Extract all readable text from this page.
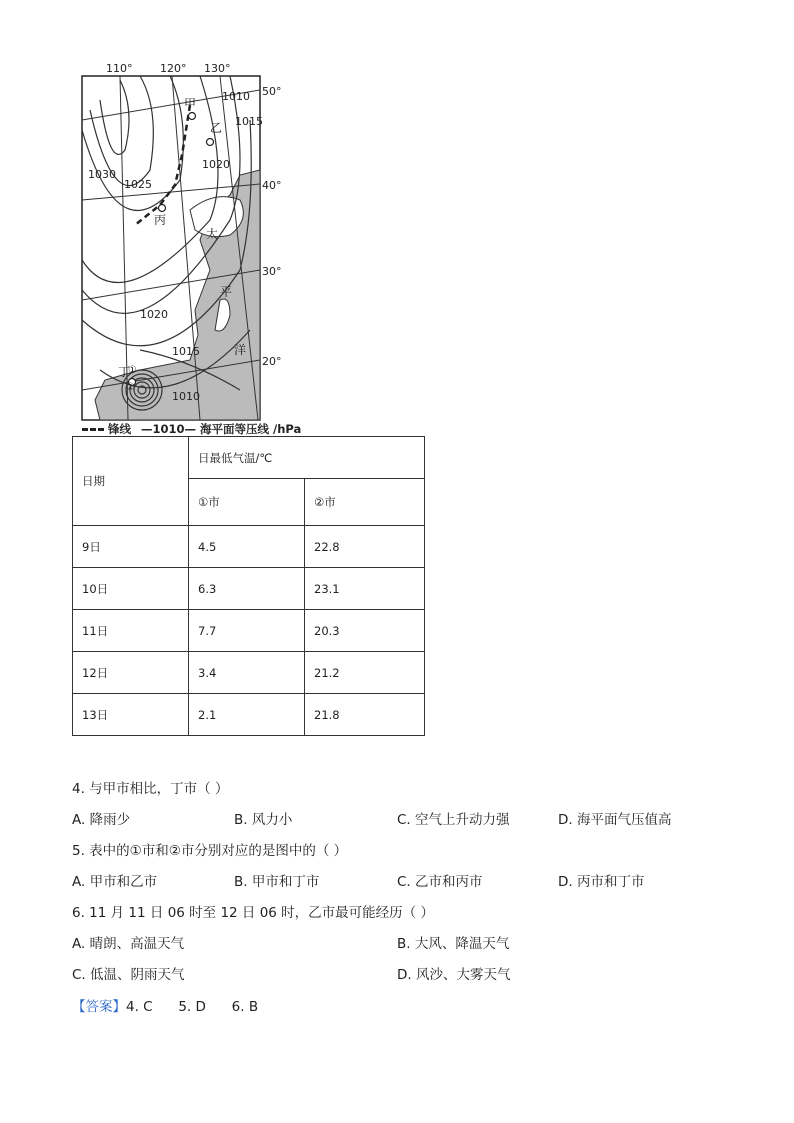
110°	120° 130°
50°
40°
30°
20°
1010
1015
1020
1025
1030
1020
1015
1010
甲
乙
丙
丁
太
平
洋
①
②
锋线 —1010— 海平面等压线 /hPa
日期	日最低气温/℃	
	①市	②市
9日	4.5	22.8
10日	6.3	23.1
11日	7.7	20.3
12日	3.4	21.2
13日	2.1	21.8
4. 与甲市相比，丁市（ ）
A. 降雨少	B. 风力小	C. 空气上升动力强	D. 海平面气压值高
5. 表中的①市和②市分别对应的是图中的（ ）
A. 甲市和乙市	B. 甲市和丁市	C. 乙市和丙市	D. 丙市和丁市
6. 11 月 11 日 06 时至 12 日 06 时，乙市最可能经历（ ）
A. 晴朗、高温天气	B. 大风、降温天气
C. 低温、阴雨天气	D. 风沙、大雾天气
【答案】4. C      5. D      6. B
